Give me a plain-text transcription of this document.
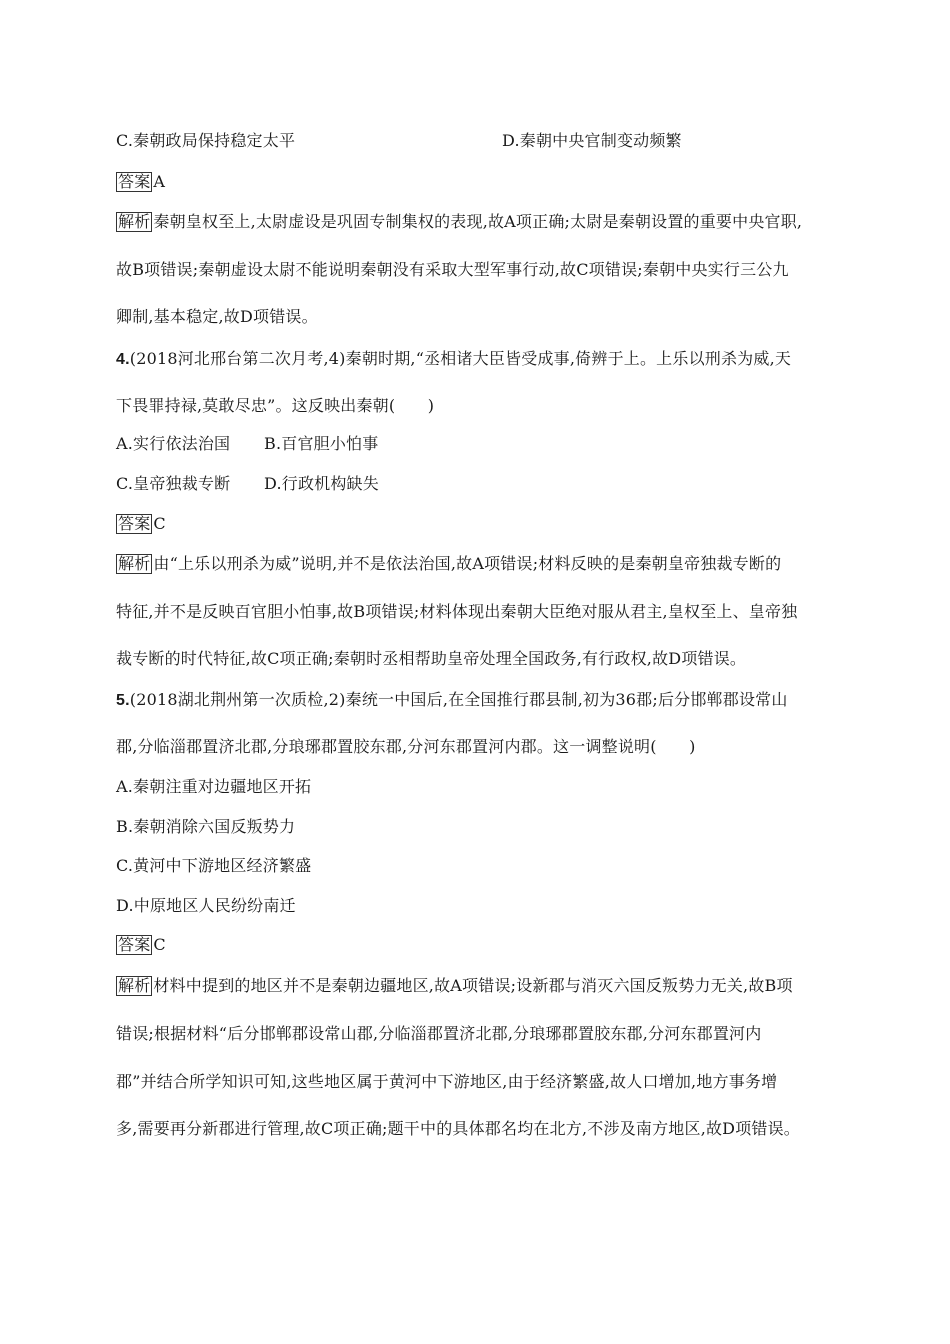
C.秦朝政局保持稳定太平	D.秦朝中央官制变动频繁
答案 A
解析 秦朝皇权至上,太尉虚设是巩固专制集权的表现,故A项正确;太尉是秦朝设置的重要中央官职,
故B项错误;秦朝虚设太尉不能说明秦朝没有采取大型军事行动,故C项错误;秦朝中央实行三公九
卿制,基本稳定,故D项错误。
4.(2018河北邢台第二次月考,4)秦朝时期,“丞相诸大臣皆受成事,倚辨于上。上乐以刑杀为威,天
下畏罪持禄,莫敢尽忠”。这反映出秦朝(　　)
A.实行依法治国 B.百官胆小怕事
C.皇帝独裁专断 D.行政机构缺失
答案 C
解析 由“上乐以刑杀为威”说明,并不是依法治国,故A项错误;材料反映的是秦朝皇帝独裁专断的
特征,并不是反映百官胆小怕事,故B项错误;材料体现出秦朝大臣绝对服从君主,皇权至上、皇帝独
裁专断的时代特征,故C项正确;秦朝时丞相帮助皇帝处理全国政务,有行政权,故D项错误。
5.(2018湖北荆州第一次质检,2)秦统一中国后,在全国推行郡县制,初为36郡;后分邯郸郡设常山
郡,分临淄郡置济北郡,分琅琊郡置胶东郡,分河东郡置河内郡。这一调整说明(　　)
A.秦朝注重对边疆地区开拓
B.秦朝消除六国反叛势力
C.黄河中下游地区经济繁盛
D.中原地区人民纷纷南迁
答案 C
解析 材料中提到的地区并不是秦朝边疆地区,故A项错误;设新郡与消灭六国反叛势力无关,故B项
错误;根据材料“后分邯郸郡设常山郡,分临淄郡置济北郡,分琅琊郡置胶东郡,分河东郡置河内
郡”并结合所学知识可知,这些地区属于黄河中下游地区,由于经济繁盛,故人口增加,地方事务增
多,需要再分新郡进行管理,故C项正确;题干中的具体郡名均在北方,不涉及南方地区,故D项错误。
